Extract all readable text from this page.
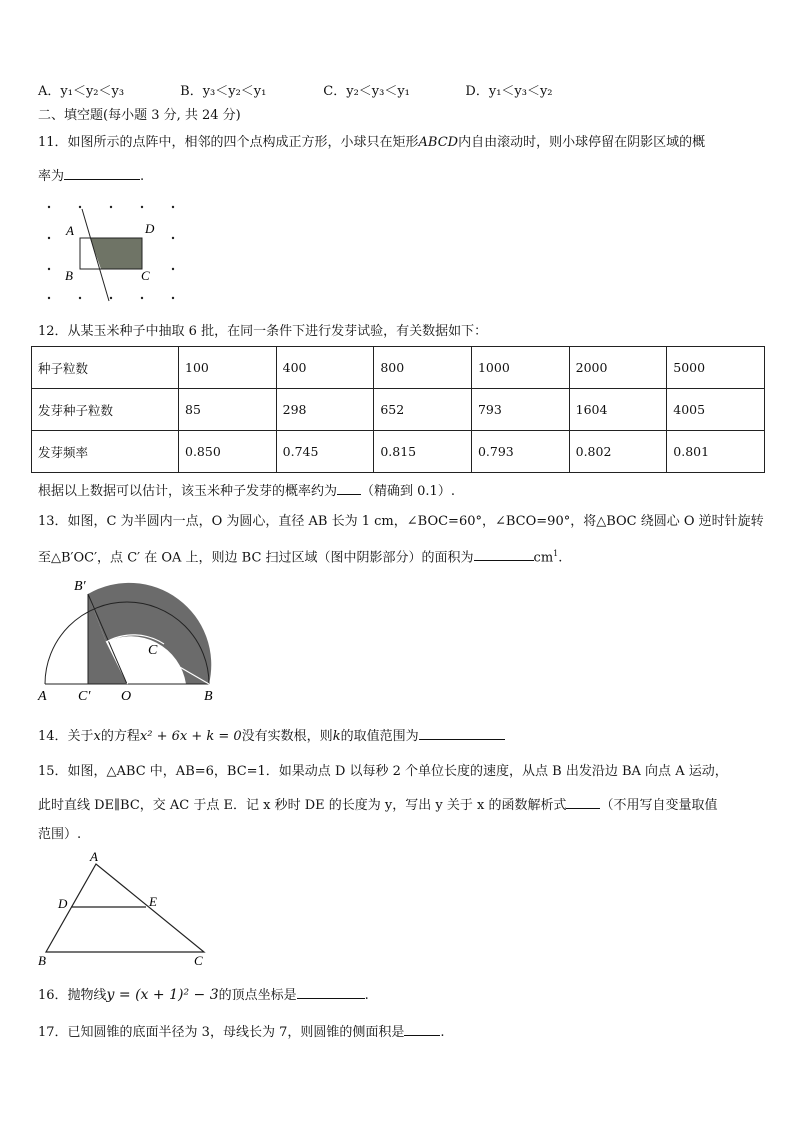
A．y₁＜y₂＜y₃	B．y₃＜y₂＜y₁	C．y₂＜y₃＜y₁	D．y₁＜y₃＜y₂
二、填空题(每小题 3 分, 共 24 分)
11．如图所示的点阵中，相邻的四个点构成正方形，小球只在矩形ABCD内自由滚动时，则小球停留在阴影区域的概
率为	.
A	D
B	C
12．从某玉米种子中抽取 6 批，在同一条件下进行发芽试验，有关数据如下：
种子粒数	100	400	800	1000	2000	5000
发芽种子粒数	85	298	652	793	1604	4005
发芽频率	0.850	0.745	0.815	0.793	0.802	0.801
根据以上数据可以估计，该玉米种子发芽的概率约为 （精确到 0.1）.
13．如图，C 为半圆内一点，O 为圆心，直径 AB 长为 1 cm，∠BOC=60°，∠BCO=90°，将△BOC 绕圆心 O 逆时针旋转
至△B′OC′，点 C′ 在 OA 上，则边 BC 扫过区域（图中阴影部分）的面积为	$cm^1$.
B′
C
A C′ O	B
14．关于x的方程x² + 6x + k = 0没有实数根，则k的取值范围为
15．如图，△ABC 中，AB=6，BC=1．如果动点 D 以每秒 2 个单位长度的速度，从点 B 出发沿边 BA 向点 A 运动，
此时直线 DE∥BC，交 AC 于点 E．记 x 秒时 DE 的长度为 y，写出 y 关于 x 的函数解析式	（不用写自变量取值
范围）.
A
D	E
B	C
16．抛物线y = (x + 1)² − 3的顶点坐标是	.
17．已知圆锥的底面半径为 3，母线长为 7，则圆锥的侧面积是	.
